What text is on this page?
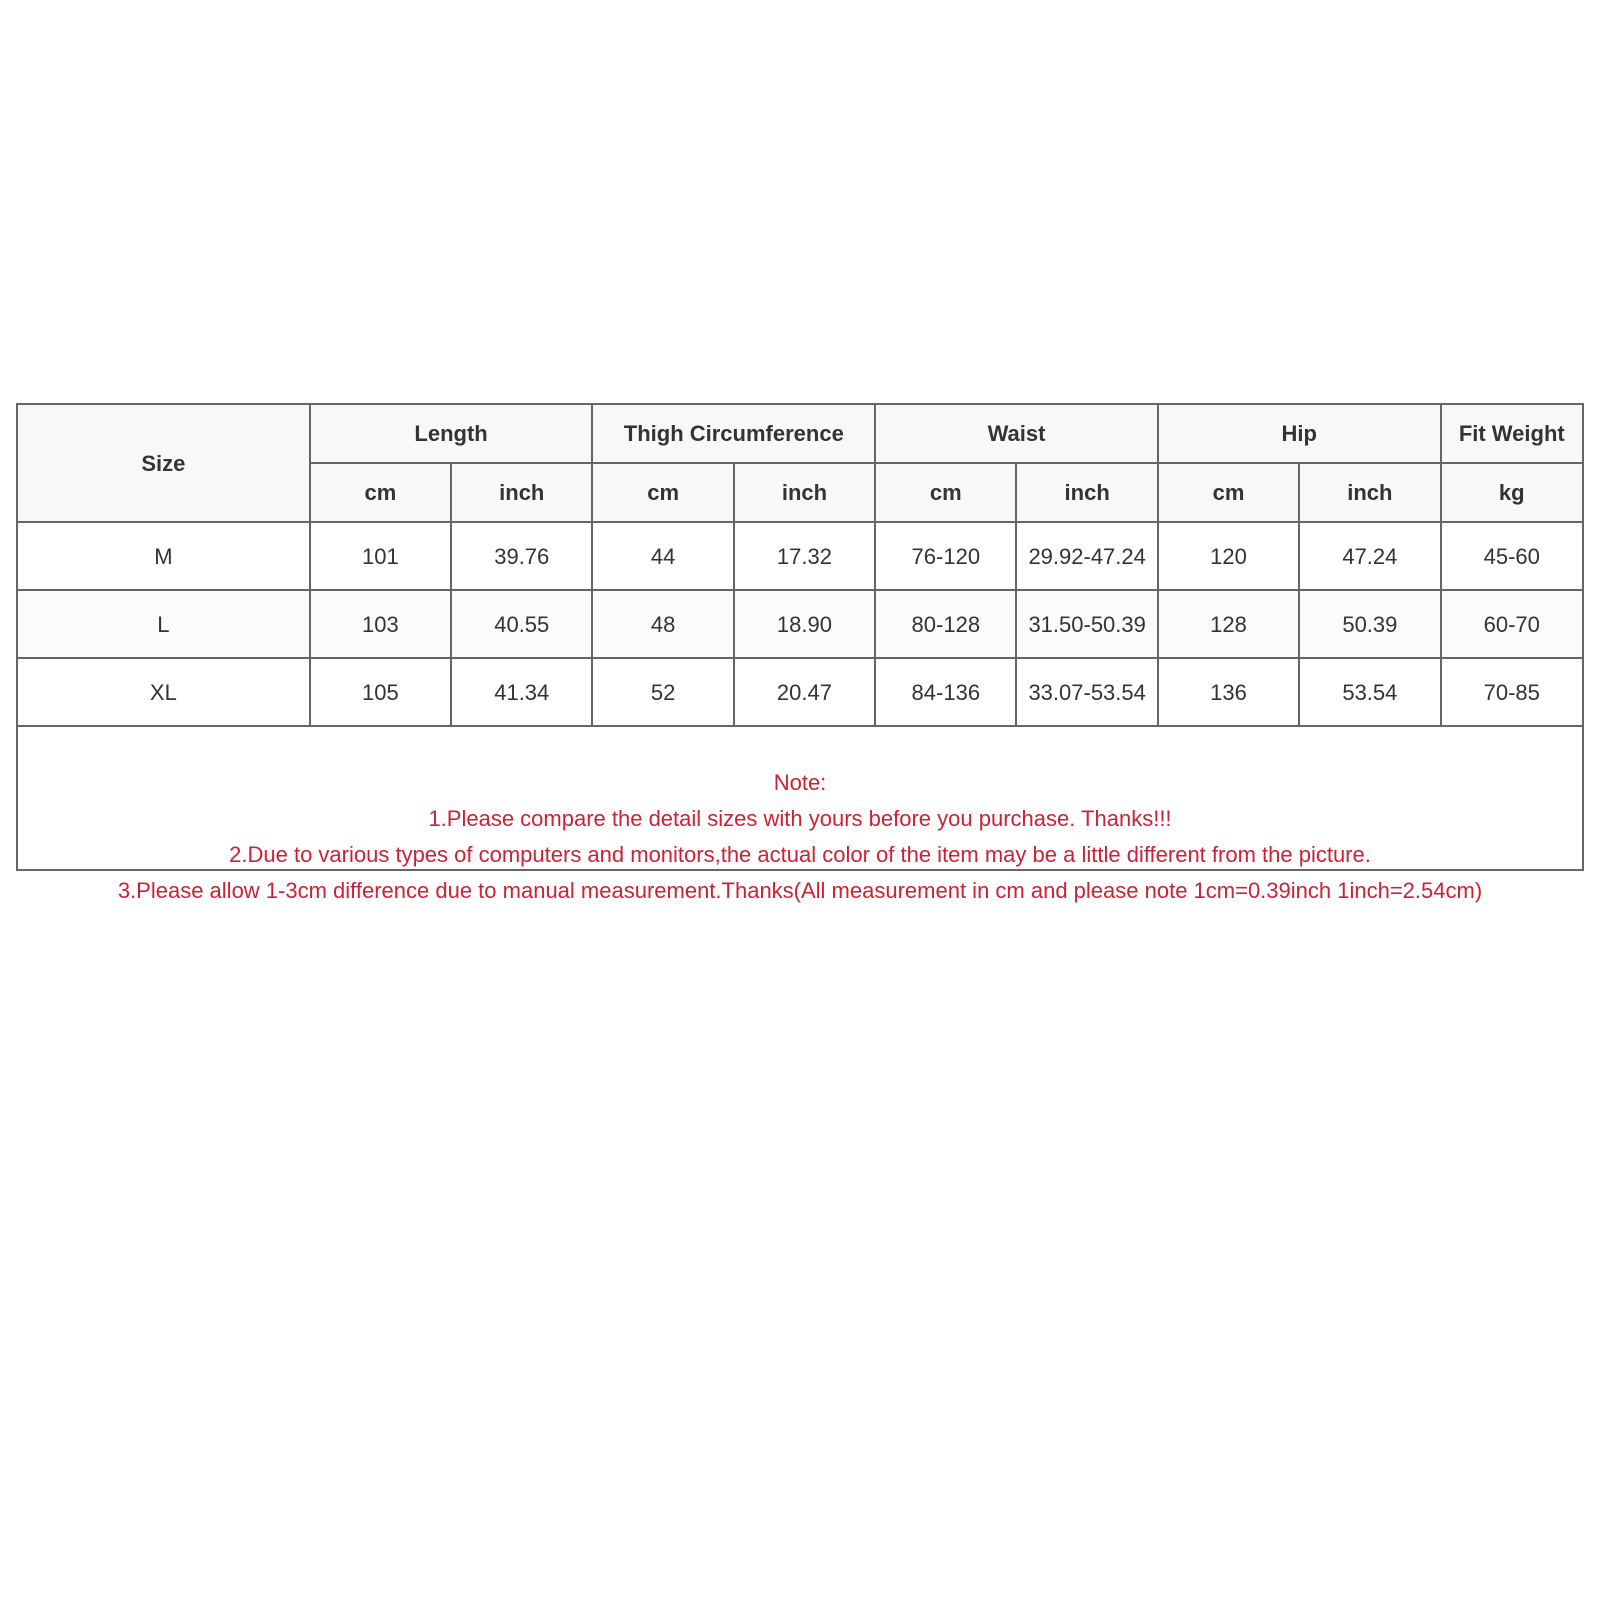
Size	Length		Thigh Circumference		Waist		Hip		Fit Weight
	cm	inch	cm	inch	cm	inch	cm	inch	kg
M	101	39.76	44	17.32	76-120	29.92-47.24	120	47.24	45-60
L	103	40.55	48	18.90	80-128	31.50-50.39	128	50.39	60-70
XL	105	41.34	52	20.47	84-136	33.07-53.54	136	53.54	70-85
Note:
1.Please compare the detail sizes with yours before you purchase. Thanks!!!
2.Due to various types of computers and monitors,the actual color of the item may be a little different from the picture.
3.Please allow 1-3cm difference due to manual measurement.Thanks(All measurement in cm and please note 1cm=0.39inch 1inch=2.54cm)
